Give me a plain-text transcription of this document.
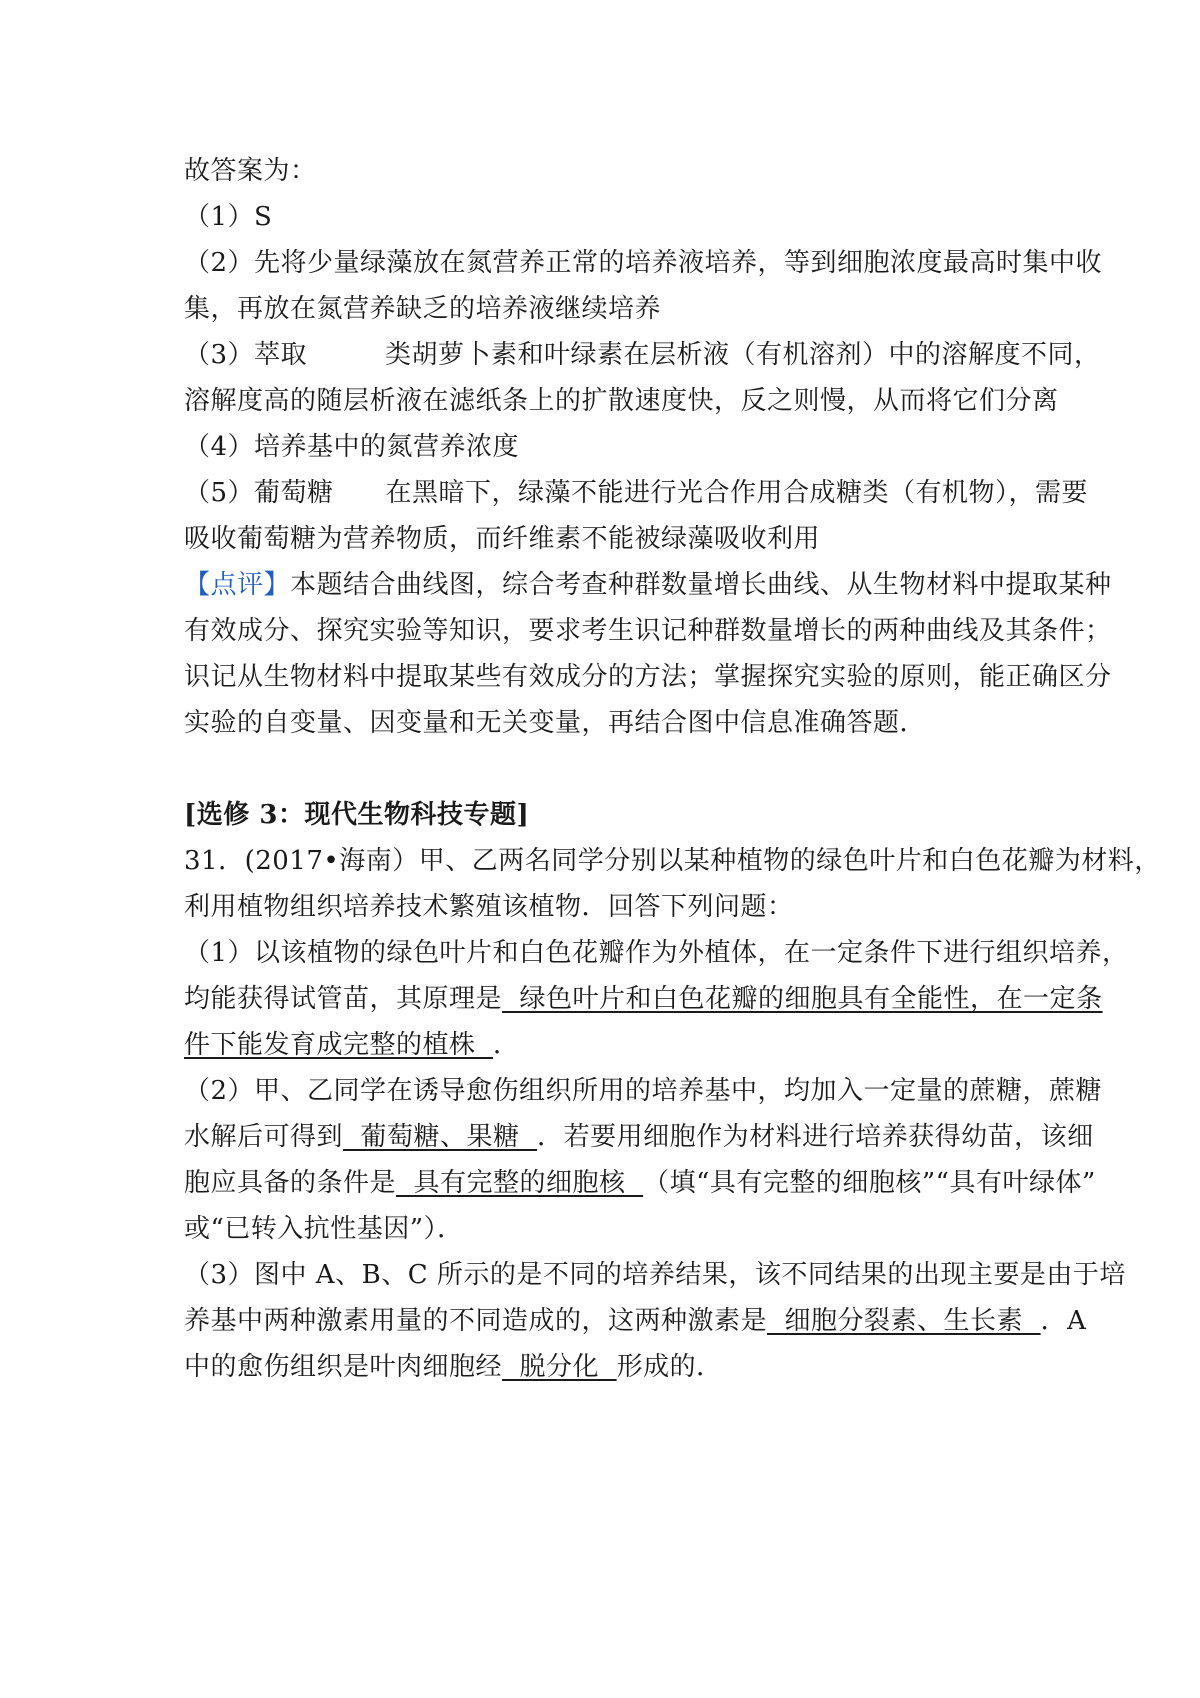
故答案为：
（1）S
（2）先将少量绿藻放在氮营养正常的培养液培养，等到细胞浓度最高时集中收
集，再放在氮营养缺乏的培养液继续培养
（3）萃取	类胡萝卜素和叶绿素在层析液（有机溶剂）中的溶解度不同，
溶解度高的随层析液在滤纸条上的扩散速度快，反之则慢，从而将它们分离
（4）培养基中的氮营养浓度
（5）葡萄糖 在黑暗下，绿藻不能进行光合作用合成糖类（有机物），需要
吸收葡萄糖为营养物质，而纤维素不能被绿藻吸收利用
【点评】本题结合曲线图，综合考查种群数量增长曲线、从生物材料中提取某种
有效成分、探究实验等知识，要求考生识记种群数量增长的两种曲线及其条件；
识记从生物材料中提取某些有效成分的方法；掌握探究实验的原则，能正确区分
实验的自变量、因变量和无关变量，再结合图中信息准确答题．
[选修 3：现代生物科技专题]
31．(2017•海南）甲、乙两名同学分别以某种植物的绿色叶片和白色花瓣为材料，
利用植物组织培养技术繁殖该植物．回答下列问题：
（1）以该植物的绿色叶片和白色花瓣作为外植体，在一定条件下进行组织培养，
均能获得试管苗，其原理是  绿色叶片和白色花瓣的细胞具有全能性，在一定条
件下能发育成完整的植株  ．
（2）甲、乙同学在诱导愈伤组织所用的培养基中，均加入一定量的蔗糖，蔗糖
水解后可得到  葡萄糖、果糖  ．若要用细胞作为材料进行培养获得幼苗，该细
胞应具备的条件是  具有完整的细胞核  （填“具有完整的细胞核”“具有叶绿体”
或“已转入抗性基因”）．
（3）图中 A、B、C 所示的是不同的培养结果，该不同结果的出现主要是由于培
养基中两种激素用量的不同造成的，这两种激素是  细胞分裂素、生长素  ．A
中的愈伤组织是叶肉细胞经  脱分化  形成的．
